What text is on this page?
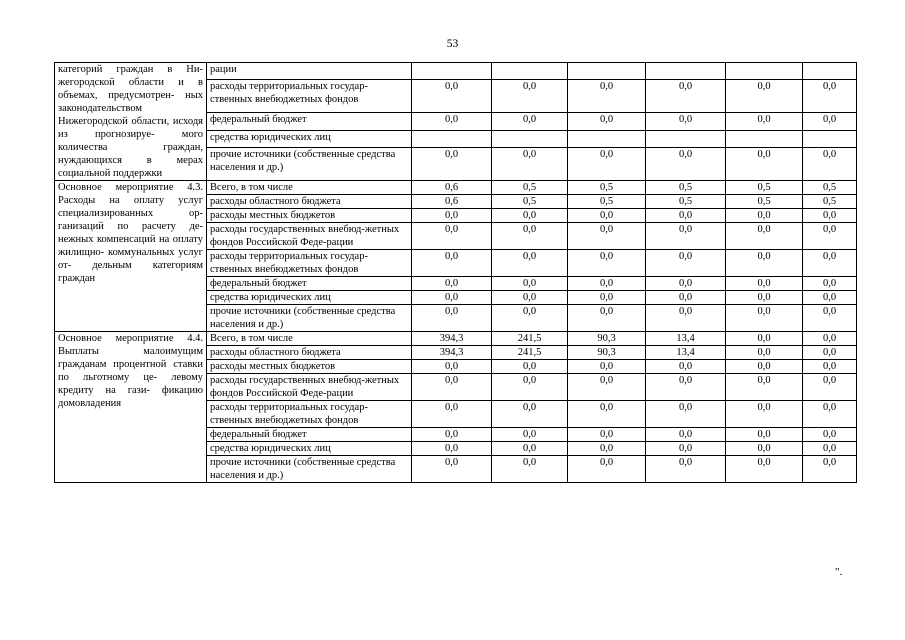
53
категорий граждан в Ни- жегородской области и в объемах, предусмотрен- ных законодательством Нижегородской области, исходя из прогнозируе- мого количества граждан, нуждающихся в мерах социальной поддержки	рации						
	расходы территориальных государ-ственных внебюджетных фондов	0,0	0,0	0,0	0,0	0,0	0,0
	федеральный бюджет	0,0	0,0	0,0	0,0	0,0	0,0
	средства юридических лиц						
	прочие источники (собственные средства населения и др.)	0,0	0,0	0,0	0,0	0,0	0,0
Основное мероприятие 4.3. Расходы на оплату услуг специализированных ор- ганизаций по расчету де- нежных компенсаций на оплату жилищно- коммунальных услуг от- дельным категориям граждан	Всего, в том числе	0,6	0,5	0,5	0,5	0,5	0,5
	расходы областного бюджета	0,6	0,5	0,5	0,5	0,5	0,5
	расходы местных бюджетов	0,0	0,0	0,0	0,0	0,0	0,0
	расходы государственных внебюд-жетных фондов Российской Феде-рации	0,0	0,0	0,0	0,0	0,0	0,0
	расходы территориальных государ-ственных внебюджетных фондов	0,0	0,0	0,0	0,0	0,0	0,0
	федеральный бюджет	0,0	0,0	0,0	0,0	0,0	0,0
	средства юридических лиц	0,0	0,0	0,0	0,0	0,0	0,0
	прочие источники (собственные средства населения и др.)	0,0	0,0	0,0	0,0	0,0	0,0
Основное мероприятие 4.4. Выплаты малоимущим гражданам процентной ставки по льготному це- левому кредиту на гази- фикацию домовладения	Всего, в том числе	394,3	241,5	90,3	13,4	0,0	0,0
	расходы областного бюджета	394,3	241,5	90,3	13,4	0,0	0,0
	расходы местных бюджетов	0,0	0,0	0,0	0,0	0,0	0,0
	расходы государственных внебюд-жетных фондов Российской Феде-рации	0,0	0,0	0,0	0,0	0,0	0,0
	расходы территориальных государ-ственных внебюджетных фондов	0,0	0,0	0,0	0,0	0,0	0,0
	федеральный бюджет	0,0	0,0	0,0	0,0	0,0	0,0
	средства юридических лиц	0,0	0,0	0,0	0,0	0,0	0,0
	прочие источники (собственные средства населения и др.)	0,0	0,0	0,0	0,0	0,0	0,0
".
